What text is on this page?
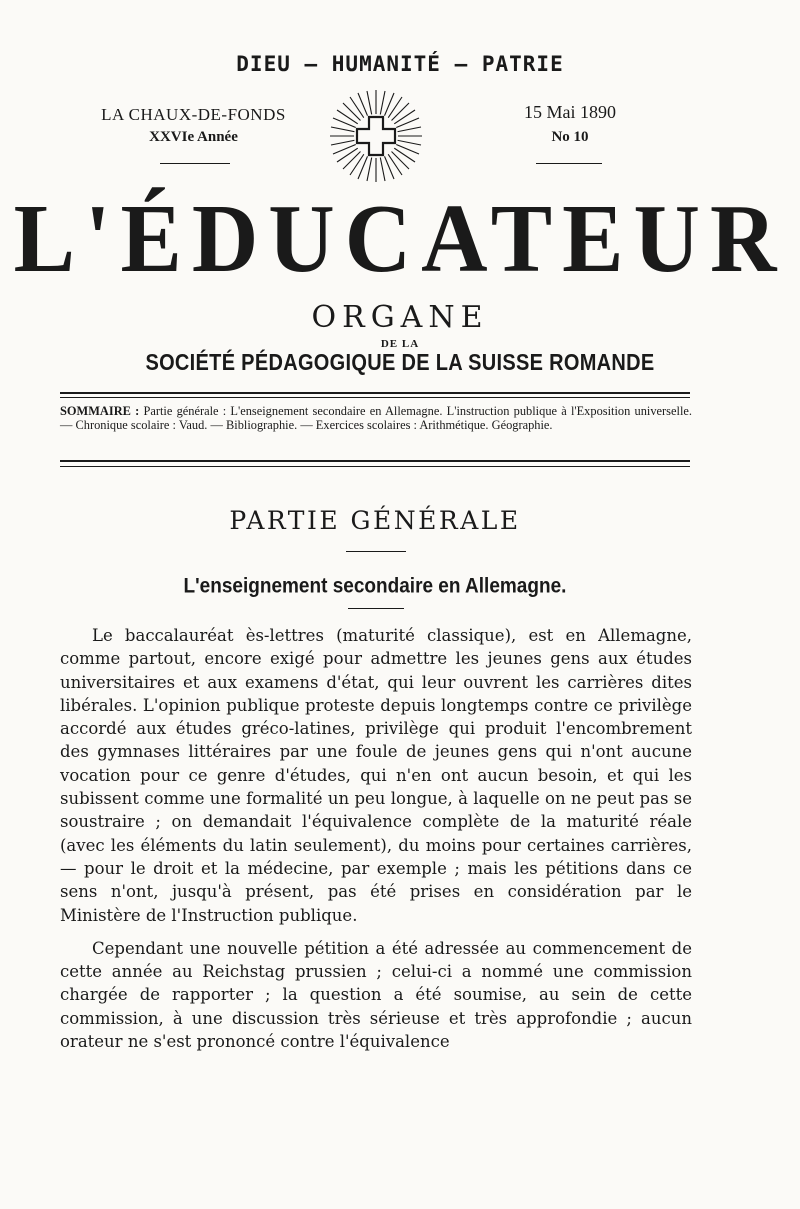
DIEU — HUMANITÉ — PATRIE
LA CHAUX-DE-FONDS
XXVIe Année
15 Mai 1890
No 10
L'ÉDUCATEUR
ORGANE
DE LA
SOCIÉTÉ PÉDAGOGIQUE DE LA SUISSE ROMANDE
SOMMAIRE : Partie générale : L'enseignement secondaire en Allemagne. L'instruction publique à l'Exposition universelle. — Chronique scolaire : Vaud. — Bibliographie. — Exercices scolaires : Arithmétique. Géographie.
PARTIE GÉNÉRALE
L'enseignement secondaire en Allemagne.

Le baccalauréat ès-lettres (maturité classique), est en Allemagne, comme partout, encore exigé pour admettre les jeunes gens aux études universitaires et aux examens d'état, qui leur ouvrent les carrières dites libérales. L'opinion publique proteste depuis longtemps contre ce privilège accordé aux études gréco-latines, privilège qui produit l'encombrement des gymnases littéraires par une foule de jeunes gens qui n'ont aucune vocation pour ce genre d'études, qui n'en ont aucun besoin, et qui les subissent comme une formalité un peu longue, à laquelle on ne peut pas se soustraire ; on demandait l'équivalence complète de la maturité réale (avec les éléments du latin seulement), du moins pour certaines carrières, — pour le droit et la médecine, par exemple ; mais les pétitions dans ce sens n'ont, jusqu'à présent, pas été prises en considération par le Ministère de l'Instruction publique.

Cependant une nouvelle pétition a été adressée au commencement de cette année au Reichstag prussien ; celui-ci a nommé une commission chargée de rapporter ; la question a été soumise, au sein de cette commission, à une discussion très sérieuse et très approfondie ; aucun orateur ne s'est prononcé contre l'équivalence
